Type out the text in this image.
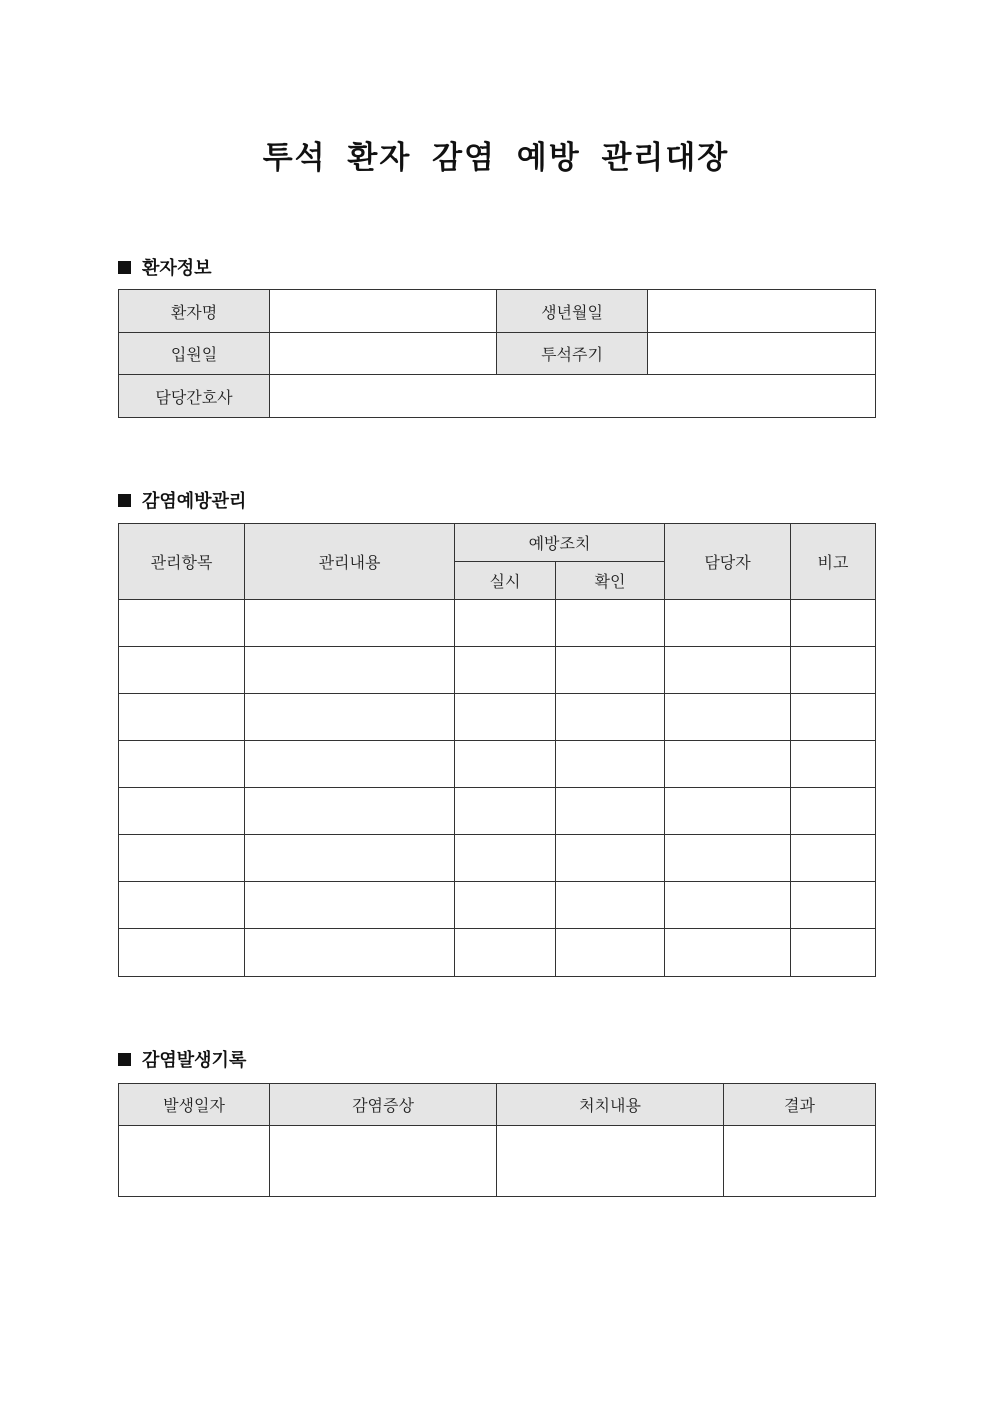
투석 환자 감염 예방 관리대장
환자정보
환자명		생년월일	
입원일		투석주기	
담당간호사			
감염예방관리
관리항목	관리내용	예방조치		담당자	비고
		실시	확인		

감염발생기록
발생일자	감염증상	처치내용	결과
